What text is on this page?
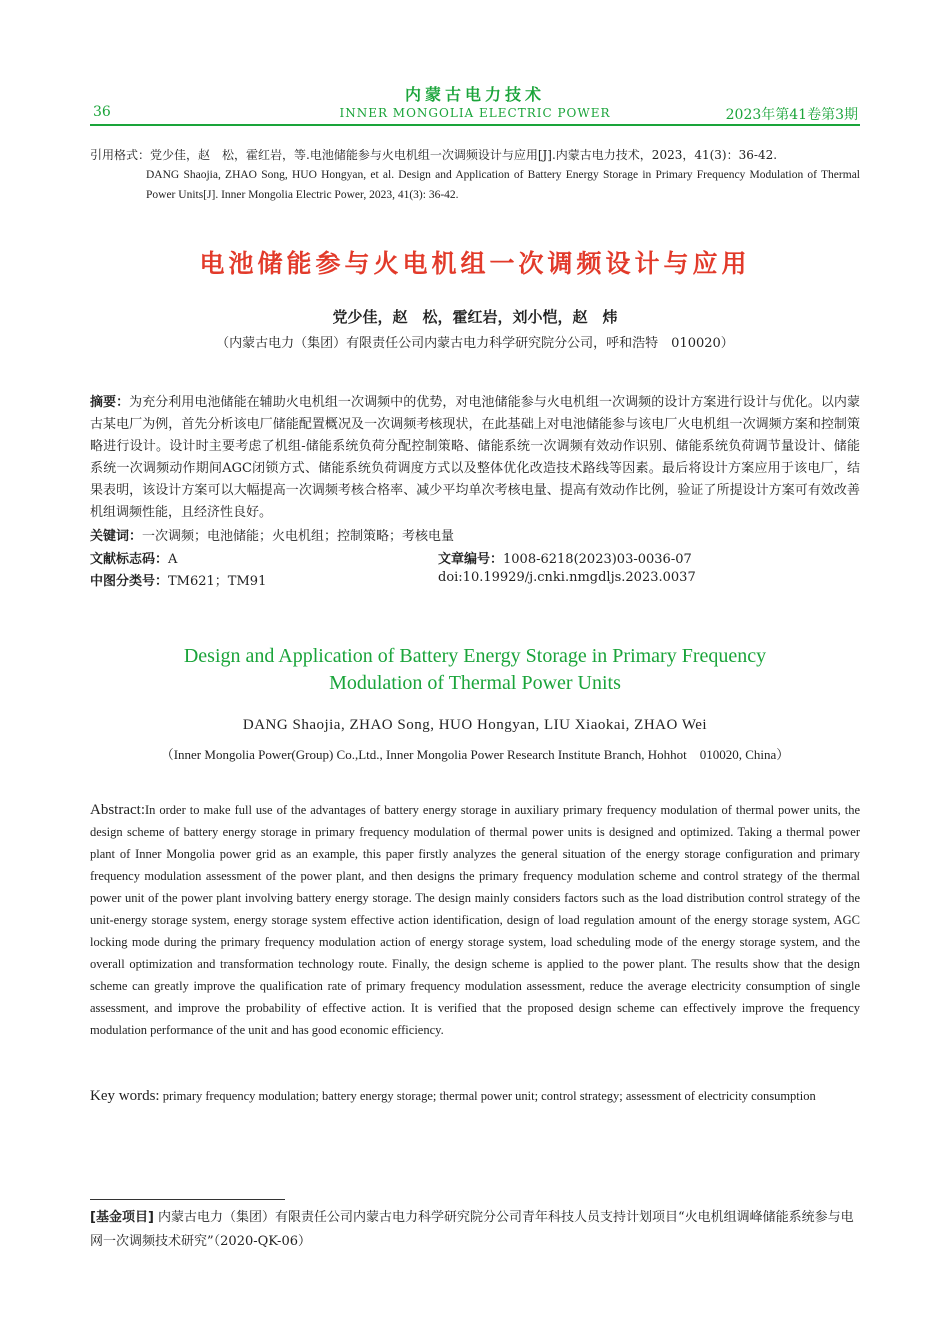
内蒙古电力技术
36	INNER MONGOLIA ELECTRIC POWER	2023年第41卷第3期
引用格式：党少佳，赵　松，霍红岩，等.电池储能参与火电机组一次调频设计与应用[J].内蒙古电力技术，2023，41(3)：36-42.
DANG Shaojia, ZHAO Song, HUO Hongyan, et al. Design and Application of Battery Energy Storage in Primary Frequency Modulation of Thermal Power Units[J]. Inner Mongolia Electric Power, 2023, 41(3): 36-42.
电池储能参与火电机组一次调频设计与应用
党少佳，赵　松，霍红岩，刘小恺，赵　炜
（内蒙古电力（集团）有限责任公司内蒙古电力科学研究院分公司，呼和浩特　010020）
摘要：为充分利用电池储能在辅助火电机组一次调频中的优势，对电池储能参与火电机组一次调频的设计方案进行设计与优化。以内蒙古某电厂为例，首先分析该电厂储能配置概况及一次调频考核现状，在此基础上对电池储能参与该电厂火电机组一次调频方案和控制策略进行设计。设计时主要考虑了机组-储能系统负荷分配控制策略、储能系统一次调频有效动作识别、储能系统负荷调节量设计、储能系统一次调频动作期间AGC闭锁方式、储能系统负荷调度方式以及整体优化改造技术路线等因素。最后将设计方案应用于该电厂，结果表明，该设计方案可以大幅提高一次调频考核合格率、减少平均单次考核电量、提高有效动作比例，验证了所提设计方案可有效改善机组调频性能，且经济性良好。
关键词：一次调频；电池储能；火电机组；控制策略；考核电量
文献标志码：A	文章编号：1008-6218(2023)03-0036-07
中图分类号：TM621；TM91	doi:10.19929/j.cnki.nmgdljs.2023.0037
Design and Application of Battery Energy Storage in Primary Frequency
Modulation of Thermal Power Units
DANG Shaojia, ZHAO Song, HUO Hongyan, LIU Xiaokai, ZHAO Wei
（Inner Mongolia Power(Group) Co.,Ltd., Inner Mongolia Power Research Institute Branch, Hohhot　010020, China）
Abstract:In order to make full use of the advantages of battery energy storage in auxiliary primary frequency modulation of thermal power units, the design scheme of battery energy storage in primary frequency modulation of thermal power units is designed and optimized. Taking a thermal power plant of Inner Mongolia power grid as an example, this paper firstly analyzes the general situation of the energy storage configuration and primary frequency modulation assessment of the power plant, and then designs the primary frequency modulation scheme and control strategy of the thermal power unit of the power plant involving battery energy storage. The design mainly considers factors such as the load distribution control strategy of the unit-energy storage system, energy storage system effective action identification, design of load regulation amount of the energy storage system, AGC locking mode during the primary frequency modulation action of energy storage system, load scheduling mode of the energy storage system, and the overall optimization and transformation technology route. Finally, the design scheme is applied to the power plant. The results show that the design scheme can greatly improve the qualification rate of primary frequency modulation assessment, reduce the average electricity consumption of single assessment, and improve the probability of effective action. It is verified that the proposed design scheme can effectively improve the frequency modulation performance of the unit and has good economic efficiency.
Key words: primary frequency modulation; battery energy storage; thermal power unit; control strategy; assessment of electricity consumption
[基金项目] 内蒙古电力（集团）有限责任公司内蒙古电力科学研究院分公司青年科技人员支持计划项目“火电机组调峰储能系统参与电网一次调频技术研究”（2020-QK-06）
